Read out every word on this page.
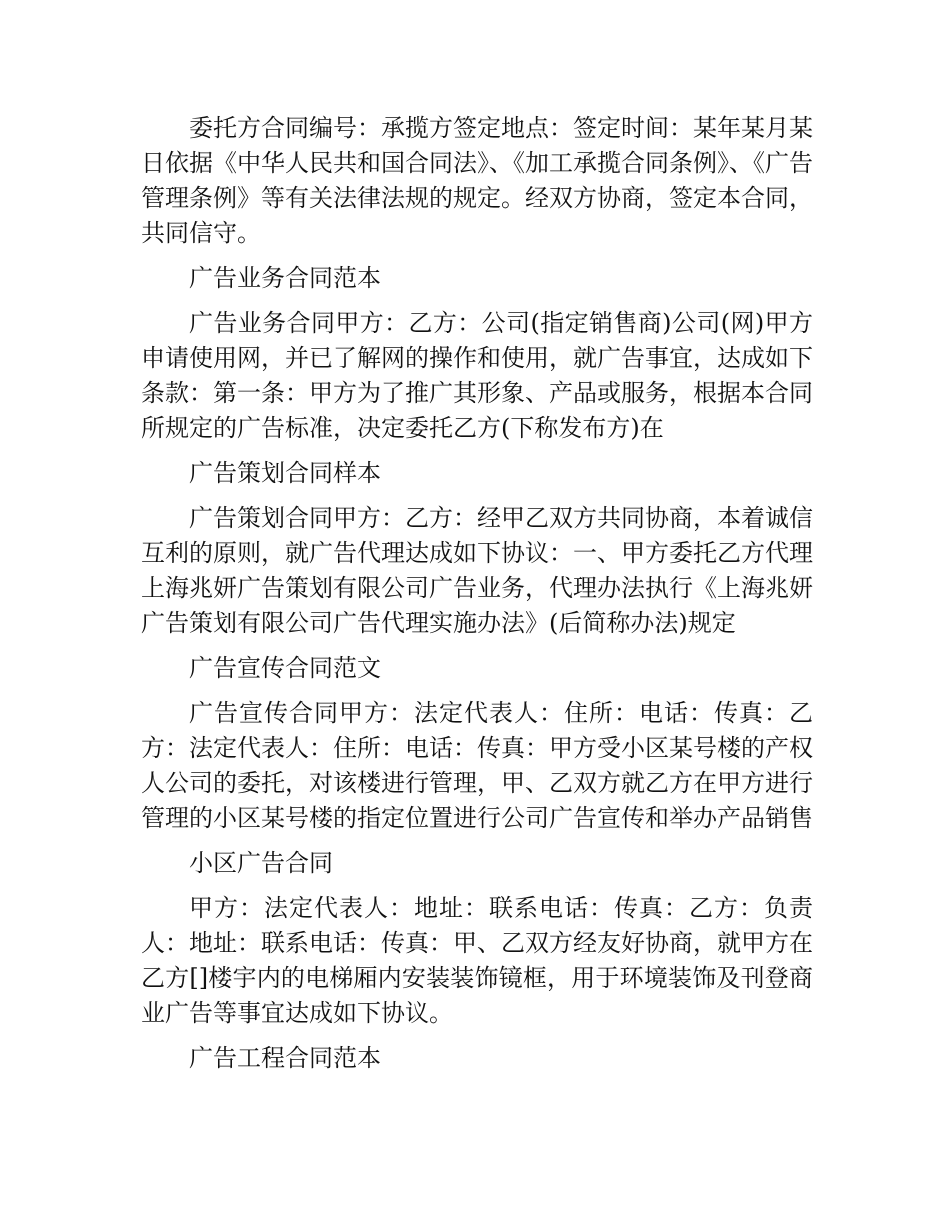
委托方合同编号：承揽方签定地点：签定时间：某年某月某日依据《中华人民共和国合同法》、《加工承揽合同条例》、《广告管理条例》等有关法律法规的规定。经双方协商，签定本合同，共同信守。

广告业务合同范本

广告业务合同甲方：乙方：公司(指定销售商)公司(网)甲方申请使用网，并已了解网的操作和使用，就广告事宜，达成如下条款：第一条：甲方为了推广其形象、产品或服务，根据本合同所规定的广告标准，决定委托乙方(下称发布方)在

广告策划合同样本

广告策划合同甲方：乙方：经甲乙双方共同协商，本着诚信互利的原则，就广告代理达成如下协议：一、甲方委托乙方代理上海兆妍广告策划有限公司广告业务，代理办法执行《上海兆妍广告策划有限公司广告代理实施办法》(后简称办法)规定

广告宣传合同范文

广告宣传合同甲方：法定代表人：住所：电话：传真：乙方：法定代表人：住所：电话：传真：甲方受小区某号楼的产权人公司的委托，对该楼进行管理，甲、乙双方就乙方在甲方进行管理的小区某号楼的指定位置进行公司广告宣传和举办产品销售

小区广告合同

甲方：法定代表人：地址：联系电话：传真：乙方：负责人：地址：联系电话：传真：甲、乙双方经友好协商，就甲方在乙方[]楼宇内的电梯厢内安装装饰镜框，用于环境装饰及刊登商业广告等事宜达成如下协议。

广告工程合同范本
